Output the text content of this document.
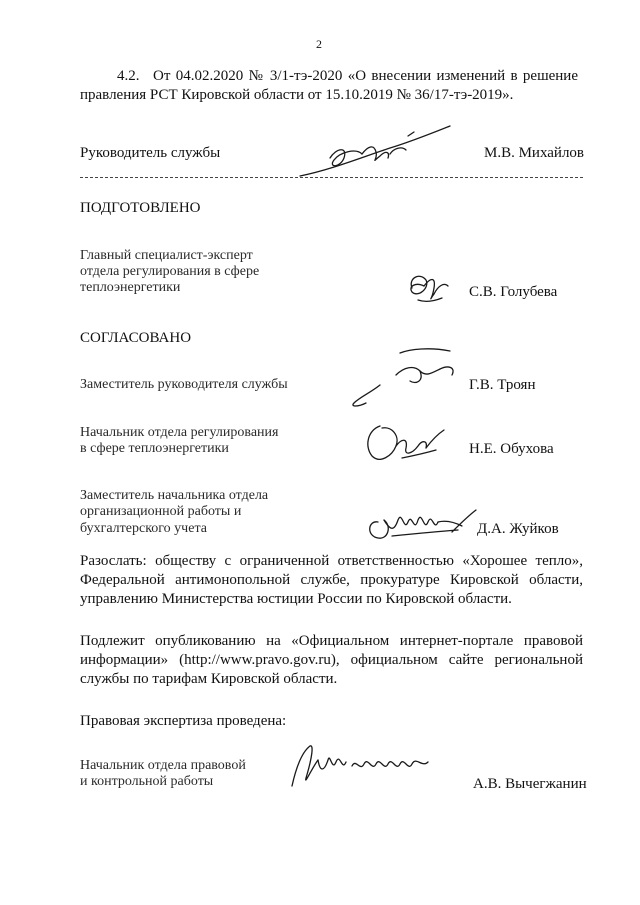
2
4.2. От 04.02.2020 № 3/1-тэ-2020 «О внесении изменений в решение
правления РСТ Кировской области от 15.10.2019 № 36/17-тэ-2019».
Руководитель службы	М.В. Михайлов
ПОДГОТОВЛЕНО
Главный специалист-эксперт
отдела регулирования в сфере
теплоэнергетики	С.В. Голубева
СОГЛАСОВАНО
Заместитель руководителя службы	Г.В. Троян
Начальник отдела регулирования
в сфере теплоэнергетики	Н.Е. Обухова
Заместитель начальника отдела
организационной работы и
бухгалтерского учета	Д.А. Жуйков
Разослать: обществу с ограниченной ответственностью «Хорошее тепло»,
Федеральной антимонопольной службе, прокуратуре Кировской области,
управлению Министерства юстиции России по Кировской области.
Подлежит опубликованию на «Официальном интернет-портале правовой
информации» (http://www.pravo.gov.ru), официальном сайте региональной
службы по тарифам Кировской области.
Правовая экспертиза проведена:
Начальник отдела правовой
и контрольной работы	А.В. Вычегжанин
